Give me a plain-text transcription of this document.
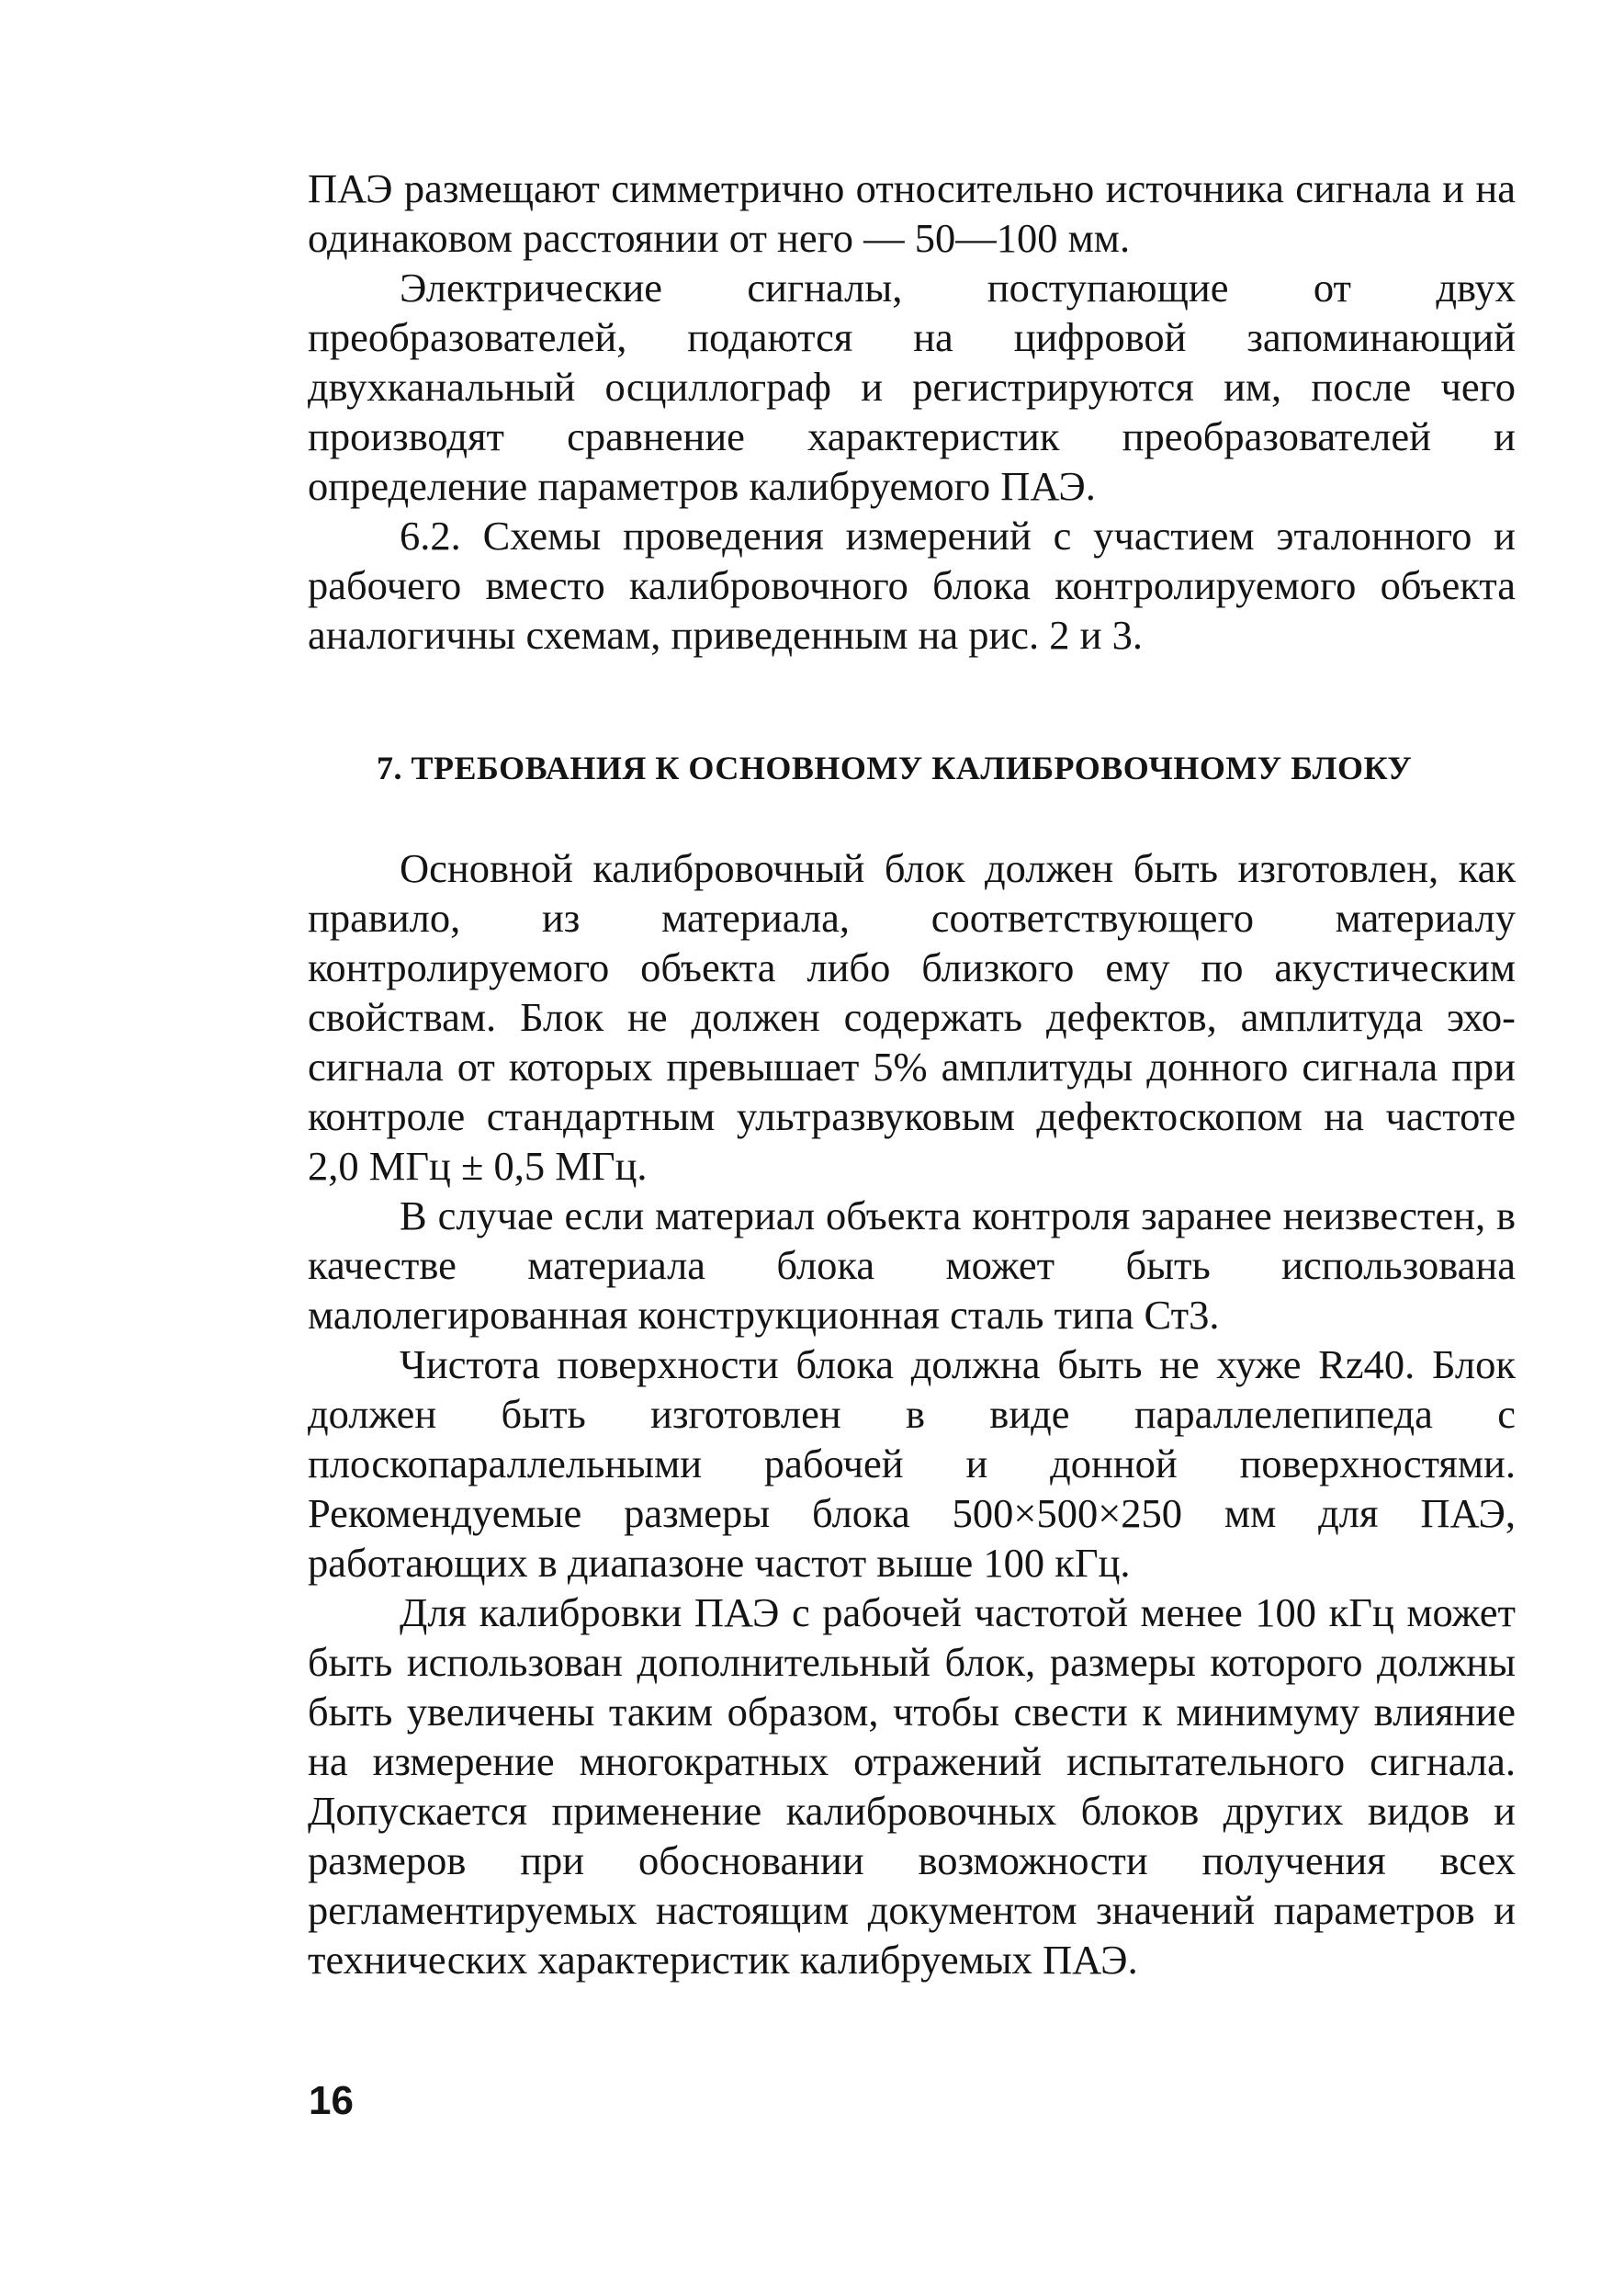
ПАЭ размещают симметрично относительно источника сигнала и на одинаковом расстоянии от него — 50—100 мм.

Электрические сигналы, поступающие от двух преобразователей, подаются на цифровой запоминающий двухканальный осциллограф и регистрируются им, после чего производят сравнение характеристик преобразователей и определение параметров калибруемого ПАЭ.

6.2. Схемы проведения измерений с участием эталонного и рабочего вместо калибровочного блока контролируемого объекта аналогичны схемам, приведенным на рис. 2 и 3.

7. ТРЕБОВАНИЯ К ОСНОВНОМУ КАЛИБРОВОЧНОМУ БЛОКУ

Основной калибровочный блок должен быть изготовлен, как правило, из материала, соответствующего материалу контролируемого объекта либо близкого ему по акустическим свойствам. Блок не должен содержать дефектов, амплитуда эхо-сигнала от которых превышает 5% амплитуды донного сигнала при контроле стандартным ультразвуковым дефектоскопом на частоте 2,0 МГц ± 0,5 МГц.

В случае если материал объекта контроля заранее неизвестен, в качестве материала блока может быть использована малолегированная конструкционная сталь типа Ст3.

Чистота поверхности блока должна быть не хуже Rz40. Блок должен быть изготовлен в виде параллелепипеда с плоскопараллельными рабочей и донной поверхностями. Рекомендуемые размеры блока 500×500×250 мм для ПАЭ, работающих в диапазоне частот выше 100 кГц.

Для калибровки ПАЭ с рабочей частотой менее 100 кГц может быть использован дополнительный блок, размеры которого должны быть увеличены таким образом, чтобы свести к минимуму влияние на измерение многократных отражений испытательного сигнала. Допускается применение калибровочных блоков других видов и размеров при обосновании возможности получения всех регламентируемых настоящим документом значений параметров и технических характеристик калибруемых ПАЭ.

16
